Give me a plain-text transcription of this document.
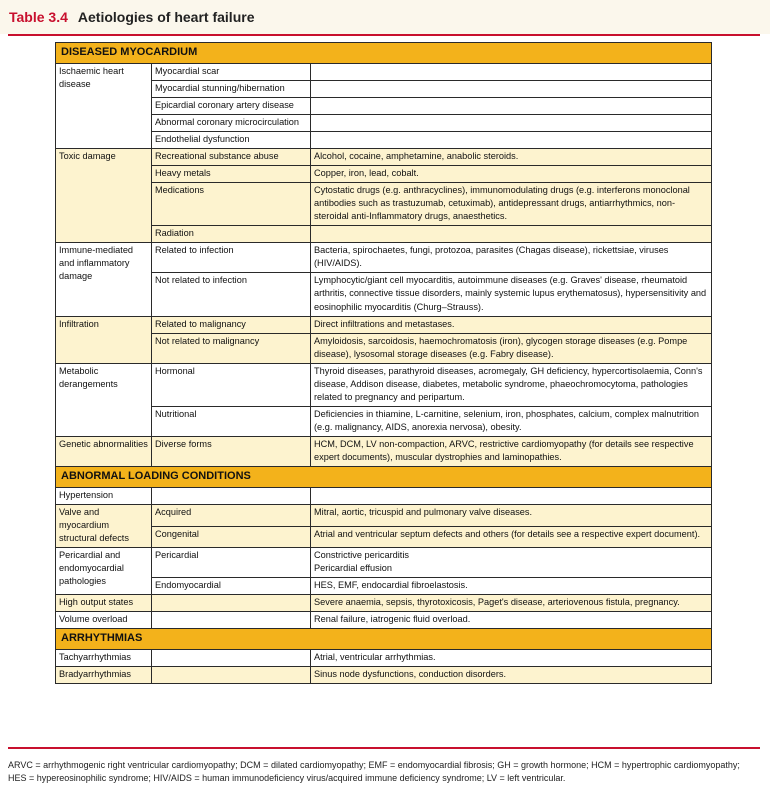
Table 3.4 Aetiologies of heart failure
DISEASED MYOCARDIUM		
Ischaemic heart disease	Myocardial scar	
	Myocardial stunning/hibernation	
	Epicardial coronary artery disease	
	Abnormal coronary microcirculation	
	Endothelial dysfunction	
Toxic damage	Recreational substance abuse	Alcohol, cocaine, amphetamine, anabolic steroids.
	Heavy metals	Copper, iron, lead, cobalt.
	Medications	Cytostatic drugs (e.g. anthracyclines), immunomodulating drugs (e.g. interferons monoclonal antibodies such as trastuzumab, cetuximab), antidepressant drugs, antiarrhythmics, non-steroidal anti-Inflammatory drugs, anaesthetics.
	Radiation	
Immune-mediated and inflammatory damage	Related to infection	Bacteria, spirochaetes, fungi, protozoa, parasites (Chagas disease), rickettsiae, viruses (HIV/AIDS).
	Not related to infection	Lymphocytic/giant cell myocarditis, autoimmune diseases (e.g. Graves' disease, rheumatoid arthritis, connective tissue disorders, mainly systemic lupus erythematosus), hypersensitivity and eosinophilic myocarditis (Churg–Strauss).
Infiltration	Related to malignancy	Direct infiltrations and metastases.
	Not related to malignancy	Amyloidosis, sarcoidosis, haemochromatosis (iron), glycogen storage diseases (e.g. Pompe disease), lysosomal storage diseases (e.g. Fabry disease).
Metabolic derangements	Hormonal	Thyroid diseases, parathyroid diseases, acromegaly, GH deficiency, hypercortisolaemia, Conn's disease, Addison disease, diabetes, metabolic syndrome, phaeochromocytoma, pathologies related to pregnancy and peripartum.
	Nutritional	Deficiencies in thiamine, L-carnitine, selenium, iron, phosphates, calcium, complex malnutrition (e.g. malignancy, AIDS, anorexia nervosa), obesity.
Genetic abnormalities	Diverse forms	HCM, DCM, LV non-compaction, ARVC, restrictive cardiomyopathy (for details see respective expert documents), muscular dystrophies and laminopathies.
ABNORMAL LOADING CONDITIONS		
Hypertension		
Valve and myocardium structural defects	Acquired	Mitral, aortic, tricuspid and pulmonary valve diseases.
	Congenital	Atrial and ventricular septum defects and others (for details see a respective expert document).
Pericardial and endomyocardial pathologies	Pericardial	Constrictive pericarditis
Pericardial effusion
	Endomyocardial	HES, EMF, endocardial fibroelastosis.
High output states		Severe anaemia, sepsis, thyrotoxicosis, Paget's disease, arteriovenous fistula, pregnancy.
Volume overload		Renal failure, iatrogenic fluid overload.
ARRHYTHMIAS		
Tachyarrhythmias		Atrial, ventricular arrhythmias.
Bradyarrhythmias		Sinus node dysfunctions, conduction disorders.

ARVC = arrhythmogenic right ventricular cardiomyopathy; DCM = dilated cardiomyopathy; EMF = endomyocardial fibrosis; GH = growth hormone; HCM = hypertrophic cardiomyopathy; HES = hypereosinophilic syndrome; HIV/AIDS = human immunodeficiency virus/acquired immune deficiency syndrome; LV = left ventricular.
